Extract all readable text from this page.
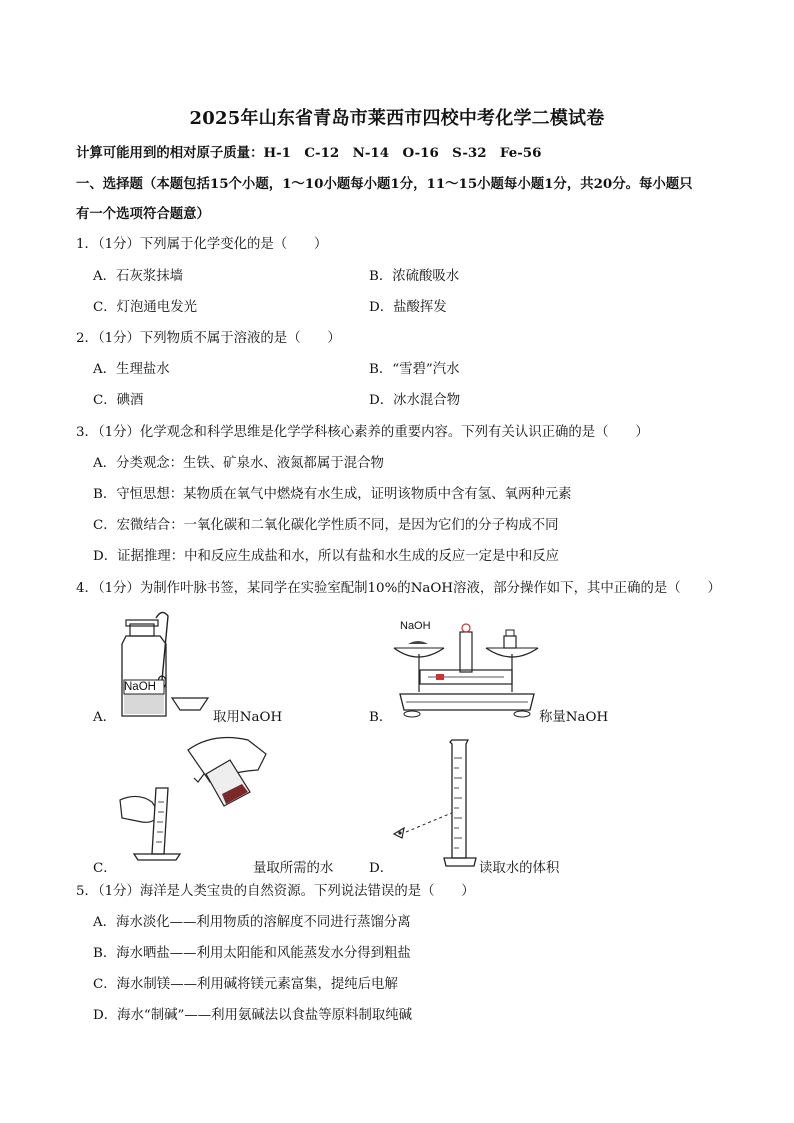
2025年山东省青岛市莱西市四校中考化学二模试卷
计算可能用到的相对原子质量：H-1　C-12　N-14　O-16　S-32　Fe-56
一、选择题（本题包括15个小题，1～10小题每小题1分，11～15小题每小题1分，共20分。每小题只
有一个选项符合题意）
1．（1分）下列属于化学变化的是（　　）
A．石灰浆抹墙	B．浓硫酸吸水
C．灯泡通电发光	D．盐酸挥发
2．（1分）下列物质不属于溶液的是（　　）
A．生理盐水	B．“雪碧”汽水
C．碘酒	D．冰水混合物
3．（1分）化学观念和科学思维是化学学科核心素养的重要内容。下列有关认识正确的是（　　）
A．分类观念：生铁、矿泉水、液氮都属于混合物
B．守恒思想：某物质在氧气中燃烧有水生成，证明该物质中含有氢、氧两种元素
C．宏微结合：一氧化碳和二氧化碳化学性质不同，是因为它们的分子构成不同
D．证据推理：中和反应生成盐和水，所以有盐和水生成的反应一定是中和反应
4．（1分）为制作叶脉书签，某同学在实验室配制10%的NaOH溶液，部分操作如下，其中正确的是（　　）
A．
NaOH
取用NaOH	B．
NaOH
称量NaOH
C．	量取所需的水	D．	读取水的体积
5．（1分）海洋是人类宝贵的自然资源。下列说法错误的是（　　）
A．海水淡化——利用物质的溶解度不同进行蒸馏分离
B．海水晒盐——利用太阳能和风能蒸发水分得到粗盐
C．海水制镁——利用碱将镁元素富集，提纯后电解
D．海水“制碱”——利用氨碱法以食盐等原料制取纯碱
